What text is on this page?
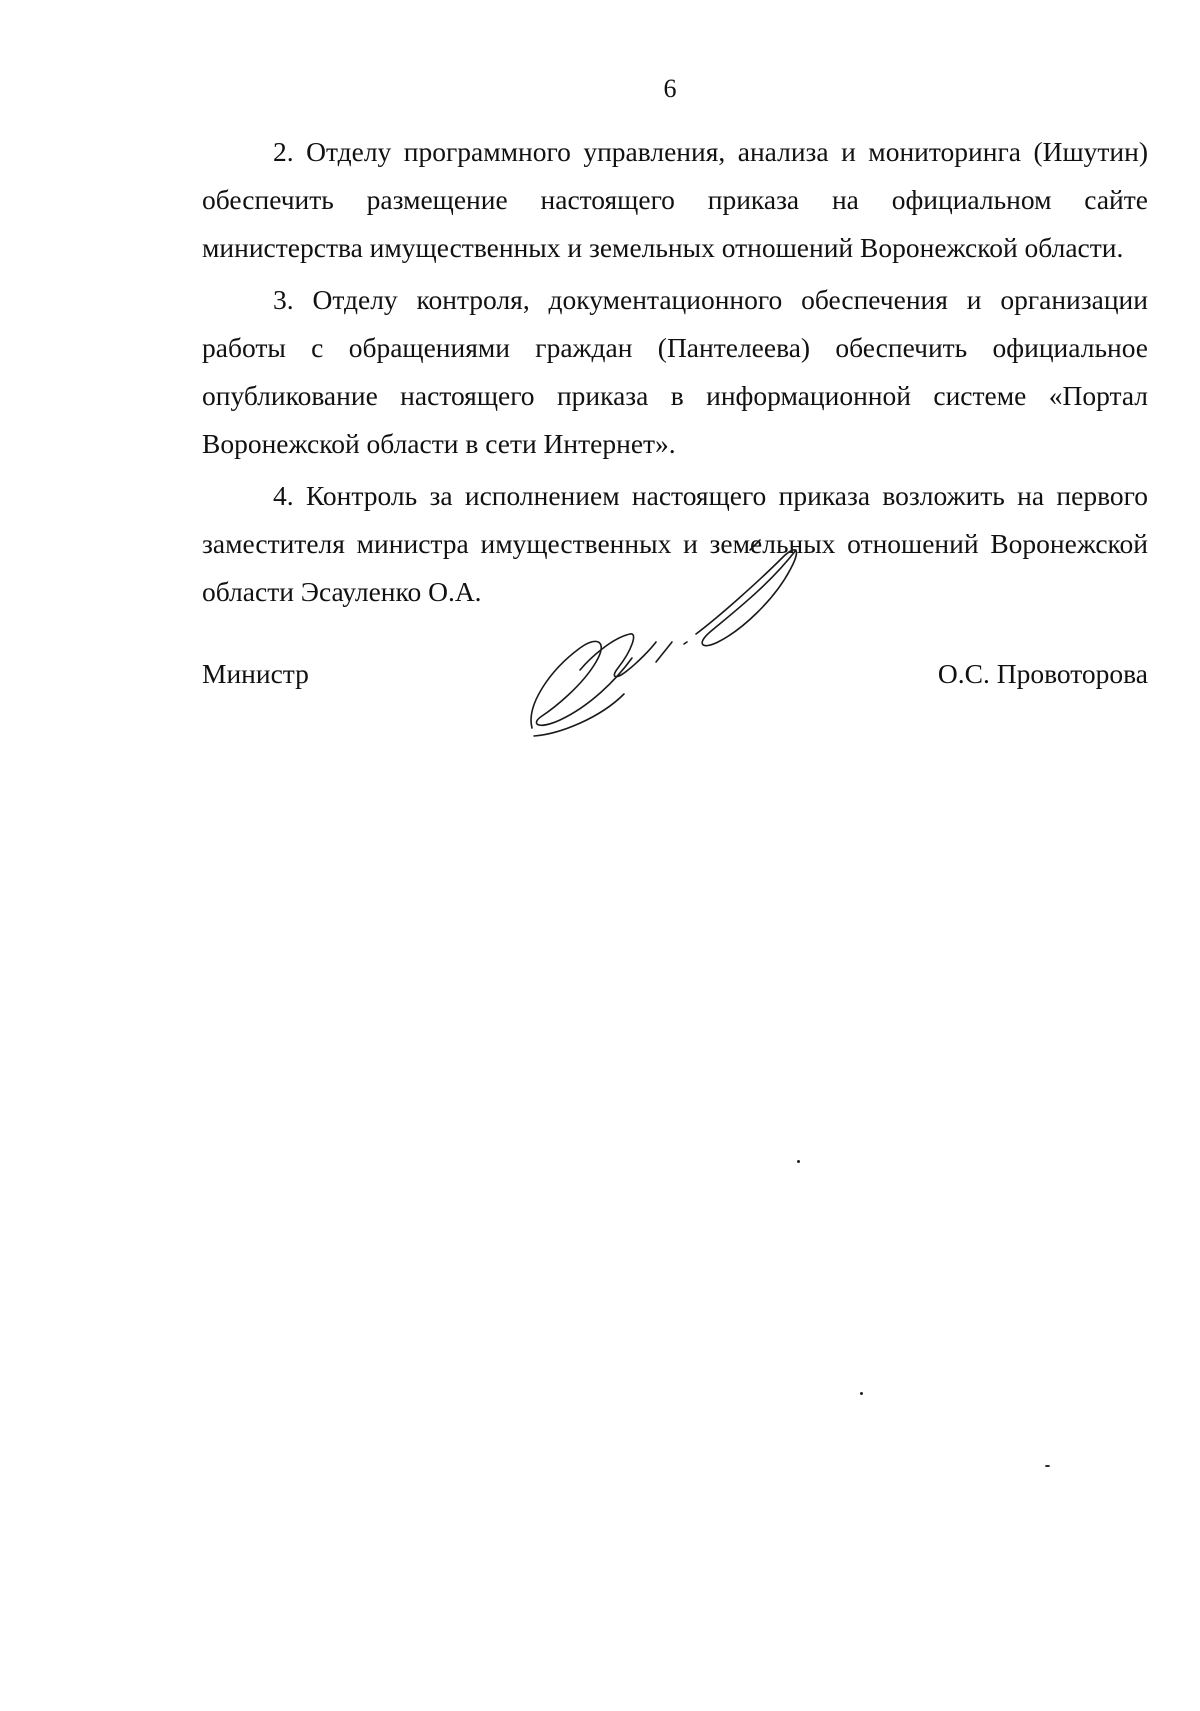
6

2. Отделу программного управления, анализа и мониторинга (Ишутин) обеспечить размещение настоящего приказа на официальном сайте министерства имущественных и земельных отношений Воронежской области.

3. Отделу контроля, документационного обеспечения и организации работы с обращениями граждан (Пантелеева) обеспечить официальное опубликование настоящего приказа в информационной системе «Портал Воронежской области в сети Интернет».

4. Контроль за исполнением настоящего приказа возложить на первого заместителя министра имущественных и земельных отношений Воронежской области Эсауленко О.А.

Министр	О.С. Провоторова
